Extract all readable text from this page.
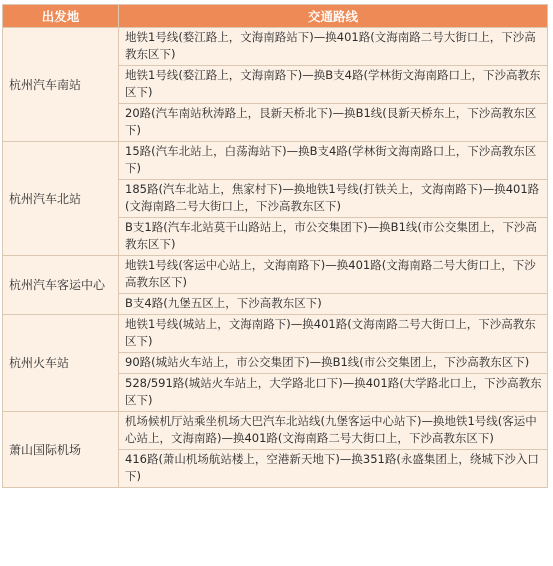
出发地	交通路线
杭州汽车南站	地铁1号线(婺江路上，文海南路站下)—换401路(文海南路二号大街口上，下沙高教东区下)
	地铁1号线(婺江路上，文海南路下)—换B支4路(学林街文海南路口上，下沙高教东区下)
	20路(汽车南站秋涛路上，艮新天桥北下)—换B1线(艮新天桥东上，下沙高教东区下)
杭州汽车北站	15路(汽车北站上，白荡海站下)—换B支4路(学林街文海南路口上，下沙高教东区下)
	185路(汽车北站上，焦家村下)—换地铁1号线(打铁关上，文海南路下)—换401路(文海南路二号大街口上，下沙高教东区下)
	B支1路(汽车北站莫干山路站上，市公交集团下)—换B1线(市公交集团上，下沙高教东区下)
杭州汽车客运中心	地铁1号线(客运中心站上，文海南路下)—换401路(文海南路二号大街口上，下沙高教东区下)
	B支4路(九堡五区上，下沙高教东区下)
杭州火车站	地铁1号线(城站上，文海南路下)—换401路(文海南路二号大街口上，下沙高教东区下)
	90路(城站火车站上，市公交集团下)—换B1线(市公交集团上，下沙高教东区下)
	528/591路(城站火车站上，大学路北口下)—换401路(大学路北口上，下沙高教东区下)
萧山国际机场	机场候机厅站乘坐机场大巴汽车北站线(九堡客运中心站下)—换地铁1号线(客运中心站上，文海南路)—换401路(文海南路二号大街口上，下沙高教东区下)
	416路(萧山机场航站楼上，空港新天地下)—换351路(永盛集团上，绕城下沙入口下)
